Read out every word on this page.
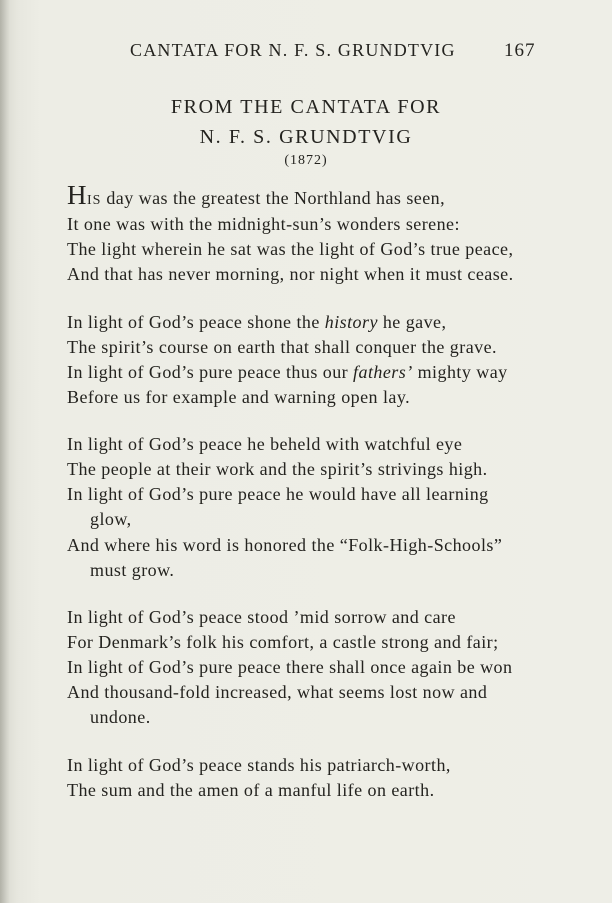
CANTATA FOR N. F. S. GRUNDTVIG	167
FROM THE CANTATA FOR
N. F. S. GRUNDTVIG
(1872)
HIS day was the greatest the Northland has seen,
It one was with the midnight-sun’s wonders serene:
The light wherein he sat was the light of God’s true peace,
And that has never morning, nor night when it must cease.
In light of God’s peace shone the history he gave,
The spirit’s course on earth that shall conquer the grave.
In light of God’s pure peace thus our fathers’ mighty way
Before us for example and warning open lay.
In light of God’s peace he beheld with watchful eye
The people at their work and the spirit’s strivings high.
In light of God’s pure peace he would have all learning
glow,
And where his word is honored the “Folk-High-Schools”
must grow.
In light of God’s peace stood ’mid sorrow and care
For Denmark’s folk his comfort, a castle strong and fair;
In light of God’s pure peace there shall once again be won
And thousand-fold increased, what seems lost now and
undone.
In light of God’s peace stands his patriarch-worth,
The sum and the amen of a manful life on earth.
